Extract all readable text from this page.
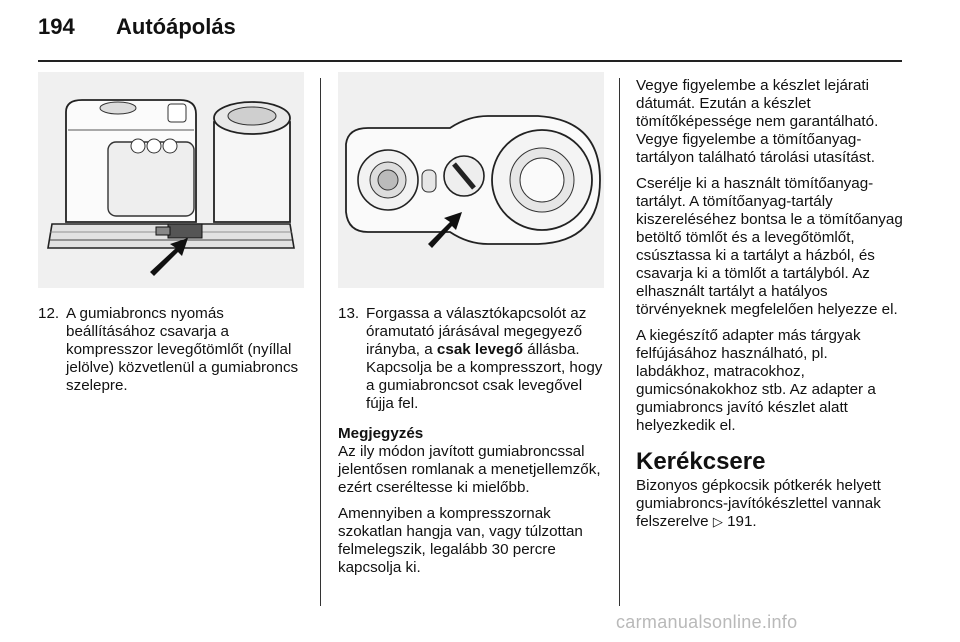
194	Autóápolás
12. A gumiabroncs nyomás beállításához csavarja a kompresszor levegőtömlőt (nyíllal jelölve) közvetlenül a gumiabroncs szelepre.
13. Forgassa a választókapcsolót az óramutató járásával megegyező irányba, a csak levegő állásba. Kapcsolja be a kompresszort, hogy a gumiabroncsot csak levegővel fújja fel.
Megjegyzés
Az ily módon javított gumiabroncssal jelentősen romlanak a menetjellemzők, ezért cseréltesse ki mielőbb.
Amennyiben a kompresszornak szokatlan hangja van, vagy túlzottan felmelegszik, legalább 30 percre kapcsolja ki.
Vegye figyelembe a készlet lejárati dátumát. Ezután a készlet tömítőképessége nem garantálható. Vegye figyelembe a tömítőanyag-tartályon található tárolási utasítást.
Cserélje ki a használt tömítőanyag-tartályt. A tömítőanyag-tartály kiszereléséhez bontsa le a tömítőanyag betöltő tömlőt és a levegőtömlőt, csúsztassa ki a tartályt a házból, és csavarja ki a tömlőt a tartályból. Az elhasznált tartályt a hatályos törvényeknek megfelelően helyezze el.
A kiegészítő adapter más tárgyak felfújásához használható, pl. labdákhoz, matracokhoz, gumicsónakokhoz stb. Az adapter a gumiabroncs javító készlet alatt helyezkedik el.
Kerékcsere
Bizonyos gépkocsik pótkerék helyett gumiabroncs-javítókészlettel vannak felszerelve ▷ 191.
carmanualsonline.info
